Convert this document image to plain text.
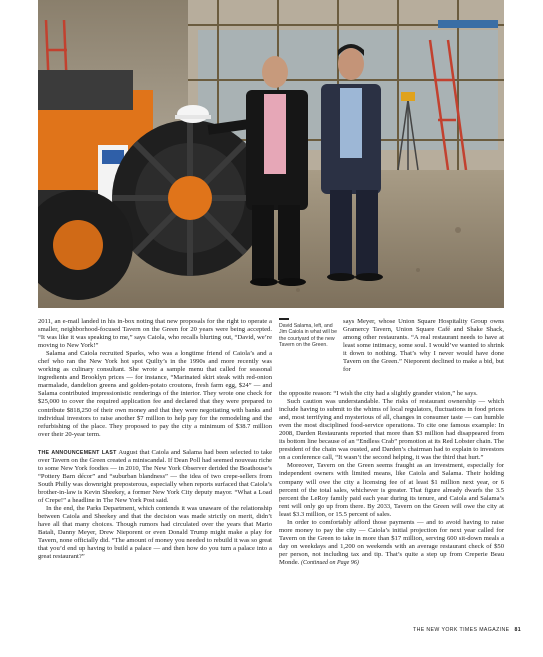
David Salama, left, and Jim Caiola in what will be the courtyard of the new Tavern on the Green.

2011, an e-mail landed in his in-box noting that new proposals for the right to operate a smaller, neighborhood-focused Tavern on the Green for 20 years were being accepted. “It was like it was speaking to me,” says Caiola, who recalls blurting out, “David, we’re moving to New York!”

Salama and Caiola recruited Sparks, who was a longtime friend of Caiola’s and a chef who ran the New York hot spot Quilty’s in the 1990s and more recently was working as culinary consultant. She wrote a sample menu that called for seasonal ingredients and Brooklyn prices — for instance, “Marinated skirt steak with red-onion marmalade, dandelion greens and golden-potato croutons, fresh farm egg, $24” — and Salama contributed impressionistic renderings of the interior. They wrote one check for $25,000 to cover the required application fee and declared that they were prepared to contribute $818,250 of their own money and that they were negotiating with banks and individual investors to raise another $7 million to help pay for the remodeling and the refurbishing of the place. They proposed to pay the city a minimum of $38.7 million over their 20-year term.

THE ANNOUNCEMENT LAST August that Caiola and Salama had been selected to take over Tavern on the Green created a miniscandal. If Dean Poll had seemed nouveau riche to some New York foodies — in 2010, The New York Observer derided the Boathouse’s “Pottery Barn décor” and “suburban blandness” — the idea of two crepe-sellers from South Philly was downright preposterous, especially when reports surfaced that Caiola’s brother-in-law is Kevin Sheekey, a former New York City deputy mayor. “What a Load of Crepe!” a headline in The New York Post said.

In the end, the Parks Department, which contends it was unaware of the relationship between Caiola and Sheekey and that the decision was made strictly on merit, didn’t have all that many choices. Though rumors had circulated over the years that Mario Batali, Danny Meyer, Drew Nieporent or even Donald Trump might make a play for Tavern, none officially did. “The amount of money you needed to rebuild it was so great that you’d end up having to build a palace — and then how do you turn a palace into a great restaurant?”

says Meyer, whose Union Square Hospitality Group owns Gramercy Tavern, Union Square Café and Shake Shack, among other restaurants. “A real restaurant needs to have at least some intimacy, some soul. I would’ve wanted to shrink it down to nothing. That’s why I never would have done Tavern on the Green.” Nieporent declined to make a bid, but for

the opposite reason: “I wish the city had a slightly grander vision,” he says.

Such caution was understandable. The risks of restaurant ownership — which include having to submit to the whims of local regulators, fluctuations in food prices and, most terrifying and mysterious of all, changes in consumer taste — can humble even the most disciplined food-service operations. To cite one famous example: In 2008, Darden Restaurants reported that more than $3 million had disappeared from its bottom line because of an “Endless Crab” promotion at its Red Lobster chain. The president of the chain was ousted, and Darden’s chairman had to explain to investors on a conference call, “It wasn’t the second helping, it was the third that hurt.”

Moreover, Tavern on the Green seems fraught as an investment, especially for independent owners with limited means, like Caiola and Salama. Their holding company will owe the city a licensing fee of at least $1 million next year, or 6 percent of the total sales, whichever is greater. That figure already dwarfs the 3.5 percent the LeRoy family paid each year during its tenure, and Caiola and Salama’s rent will only go up from there. By 2033, Tavern on the Green will owe the city at least $3.3 million, or 15.5 percent of sales.

In order to comfortably afford those payments — and to avoid having to raise more money to pay the city — Caiola’s initial projection for next year called for Tavern on the Green to take in more than $17 million, serving 600 sit-down meals a day on weekdays and 1,200 on weekends with an average restaurant check of $50 per person, not including tax and tip. That’s quite a step up from Creperie Beau Monde. (Continued on Page 96)

THE NEW YORK TIMES MAGAZINE 81
